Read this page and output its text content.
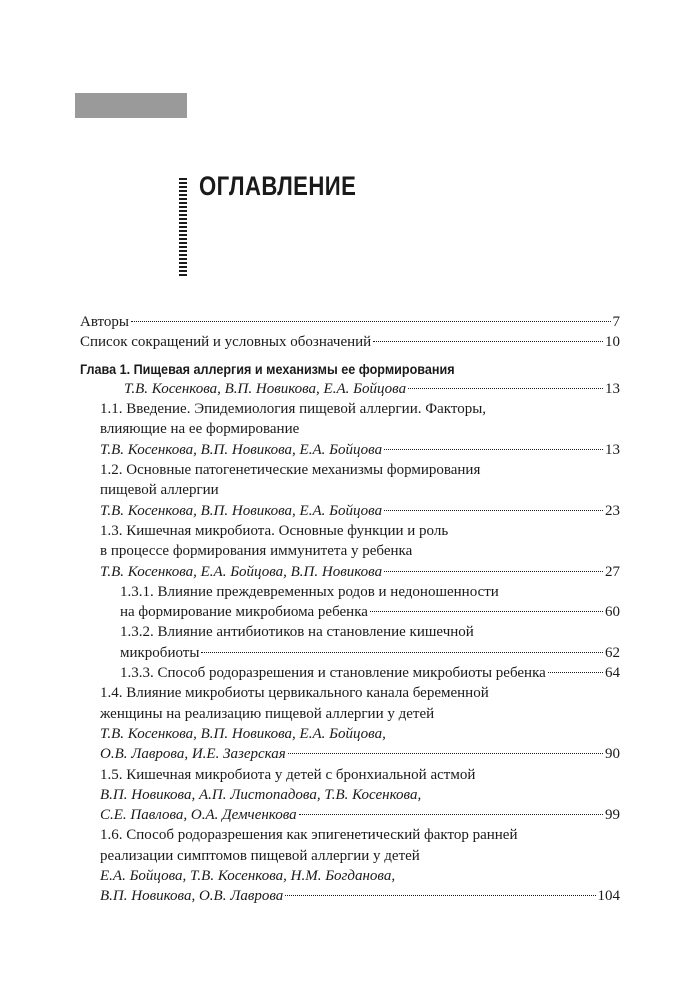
ОГЛАВЛЕНИЕ
Авторы	7
Список сокращений и условных обозначений	10
Глава 1. Пищевая аллергия и механизмы ее формирования
Т.В. Косенкова, В.П. Новикова, Е.А. Бойцова	13
1.1. Введение. Эпидемиология пищевой аллергии. Факторы,
влияющие на ее формирование
Т.В. Косенкова, В.П. Новикова, Е.А. Бойцова	13
1.2. Основные патогенетические механизмы формирования
пищевой аллергии
Т.В. Косенкова, В.П. Новикова, Е.А. Бойцова	23
1.3. Кишечная микробиота. Основные функции и роль
в процессе формирования иммунитета у ребенка
Т.В. Косенкова, Е.А. Бойцова, В.П. Новикова	27
1.3.1. Влияние преждевременных родов и недоношенности
на формирование микробиома ребенка	60
1.3.2. Влияние антибиотиков на становление кишечной
микробиоты	62
1.3.3. Способ родоразрешения и становление микробиоты ребенка	64
1.4. Влияние микробиоты цервикального канала беременной
женщины на реализацию пищевой аллергии у детей
Т.В. Косенкова, В.П. Новикова, Е.А. Бойцова,
О.В. Лаврова, И.Е. Зазерская	90
1.5. Кишечная микробиота у детей с бронхиальной астмой
В.П. Новикова, А.П. Листопадова, Т.В. Косенкова,
С.Е. Павлова, О.А. Демченкова	99
1.6. Способ родоразрешения как эпигенетический фактор ранней
реализации симптомов пищевой аллергии у детей
Е.А. Бойцова, Т.В. Косенкова, Н.М. Богданова,
В.П. Новикова, О.В. Лаврова	104
